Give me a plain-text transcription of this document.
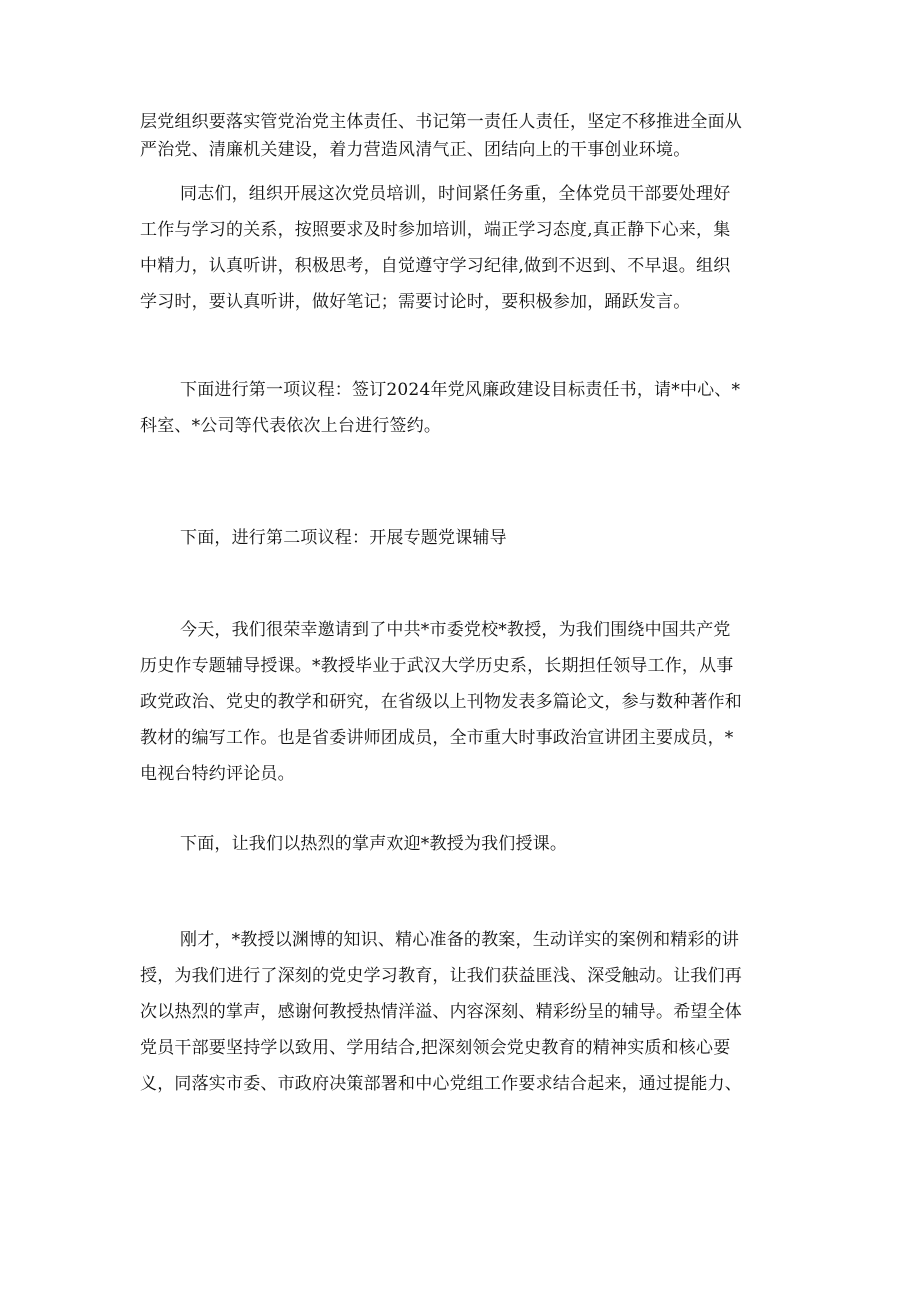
层党组织要落实管党治党主体责任、书记第一责任人责任，坚定不移推进全面从
严治党、清廉机关建设，着力营造风清气正、团结向上的干事创业环境。

同志们，组织开展这次党员培训，时间紧任务重，全体党员干部要处理好
工作与学习的关系，按照要求及时参加培训，端正学习态度,真正静下心来，集
中精力，认真听讲，积极思考，自觉遵守学习纪律,做到不迟到、不早退。组织
学习时，要认真听讲，做好笔记；需要讨论时，要积极参加，踊跃发言。

下面进行第一项议程：签订2024年党风廉政建设目标责任书，请*中心、*
科室、*公司等代表依次上台进行签约。

下面，进行第二项议程：开展专题党课辅导

今天，我们很荣幸邀请到了中共*市委党校*教授，为我们围绕中国共产党
历史作专题辅导授课。*教授毕业于武汉大学历史系，长期担任领导工作，从事
政党政治、党史的教学和研究，在省级以上刊物发表多篇论文，参与数种著作和
教材的编写工作。也是省委讲师团成员，全市重大时事政治宣讲团主要成员，*
电视台特约评论员。

下面，让我们以热烈的掌声欢迎*教授为我们授课。

刚才，*教授以渊博的知识、精心准备的教案，生动详实的案例和精彩的讲
授，为我们进行了深刻的党史学习教育，让我们获益匪浅、深受触动。让我们再
次以热烈的掌声，感谢何教授热情洋溢、内容深刻、精彩纷呈的辅导。希望全体
党员干部要坚持学以致用、学用结合,把深刻领会党史教育的精神实质和核心要
义，同落实市委、市政府决策部署和中心党组工作要求结合起来，通过提能力、
